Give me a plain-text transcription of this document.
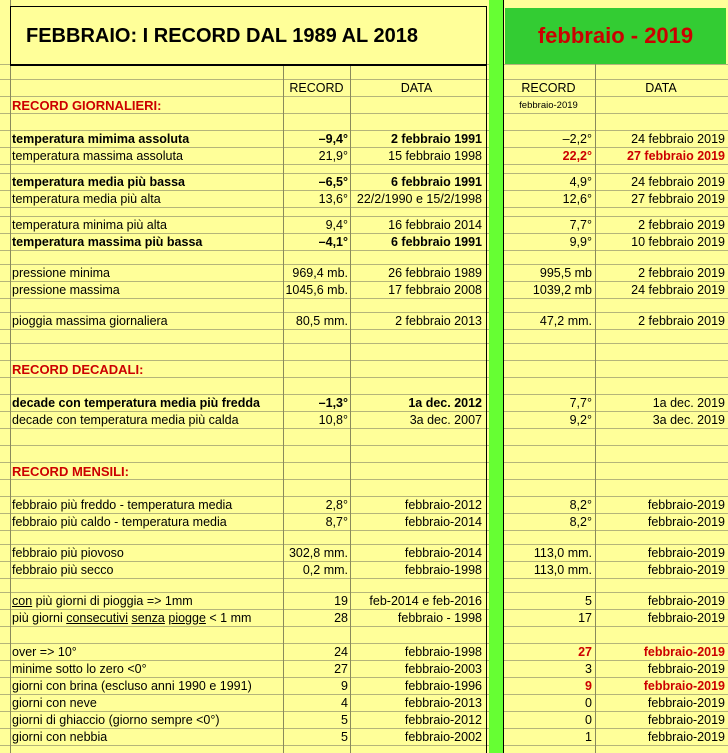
FEBBRAIO: I RECORD DAL 1989 AL 2018	febbraio - 2019
RECORD	DATA	RECORD	DATA
RECORD GIORNALIERI:	febbraio-2019
temperatura mimima assoluta	–9,4°	2 febbraio 1991	–2,2°	24 febbraio 2019
temperatura massima assoluta	21,9°	15 febbraio 1998	22,2°	27 febbraio 2019
temperatura media più bassa	–6,5°	6 febbraio 1991	4,9°	24 febbraio 2019
temperatura media più alta	13,6° 22/2/1990 e 15/2/1998	12,6°	27 febbraio 2019
temperatura minima più alta	9,4°	16 febbraio 2014	7,7°	2 febbraio 2019
temperatura massima più bassa	–4,1°	6 febbraio 1991	9,9°	10 febbraio 2019
pressione minima	969,4 mb.	26 febbraio 1989	995,5 mb	2 febbraio 2019
pressione massima	1045,6 mb.	17 febbraio 2008	1039,2 mb	24 febbraio 2019
pioggia massima giornaliera	80,5 mm.	2 febbraio 2013	47,2 mm.	2 febbraio 2019
RECORD DECADALI:
decade con temperatura media più fredda	–1,3°	1a dec. 2012	7,7°	1a dec. 2019
decade con temperatura media più calda	10,8°	3a dec. 2007	9,2°	3a dec. 2019
RECORD MENSILI:
febbraio più freddo - temperatura media	2,8°	febbraio-2012	8,2°	febbraio-2019
febbraio più caldo - temperatura media	8,7°	febbraio-2014	8,2°	febbraio-2019
febbraio più piovoso	302,8 mm.	febbraio-2014	113,0 mm.	febbraio-2019
febbraio più secco	0,2 mm.	febbraio-1998	113,0 mm.	febbraio-2019
con più giorni di pioggia => 1mm	19	feb-2014 e feb-2016	5	febbraio-2019
più giorni consecutivi senza piogge < 1 mm	28	febbraio - 1998	17	febbraio-2019
over => 10°	24	febbraio-1998	27	febbraio-2019
minime sotto lo zero <0°	27	febbraio-2003	3	febbraio-2019
giorni con brina (escluso anni 1990 e 1991)	9	febbraio-1996	9	febbraio-2019
giorni con neve	4	febbraio-2013	0	febbraio-2019
giorni di ghiaccio (giorno sempre <0°)	5	febbraio-2012	0	febbraio-2019
giorni con nebbia	5	febbraio-2002	1	febbraio-2019
